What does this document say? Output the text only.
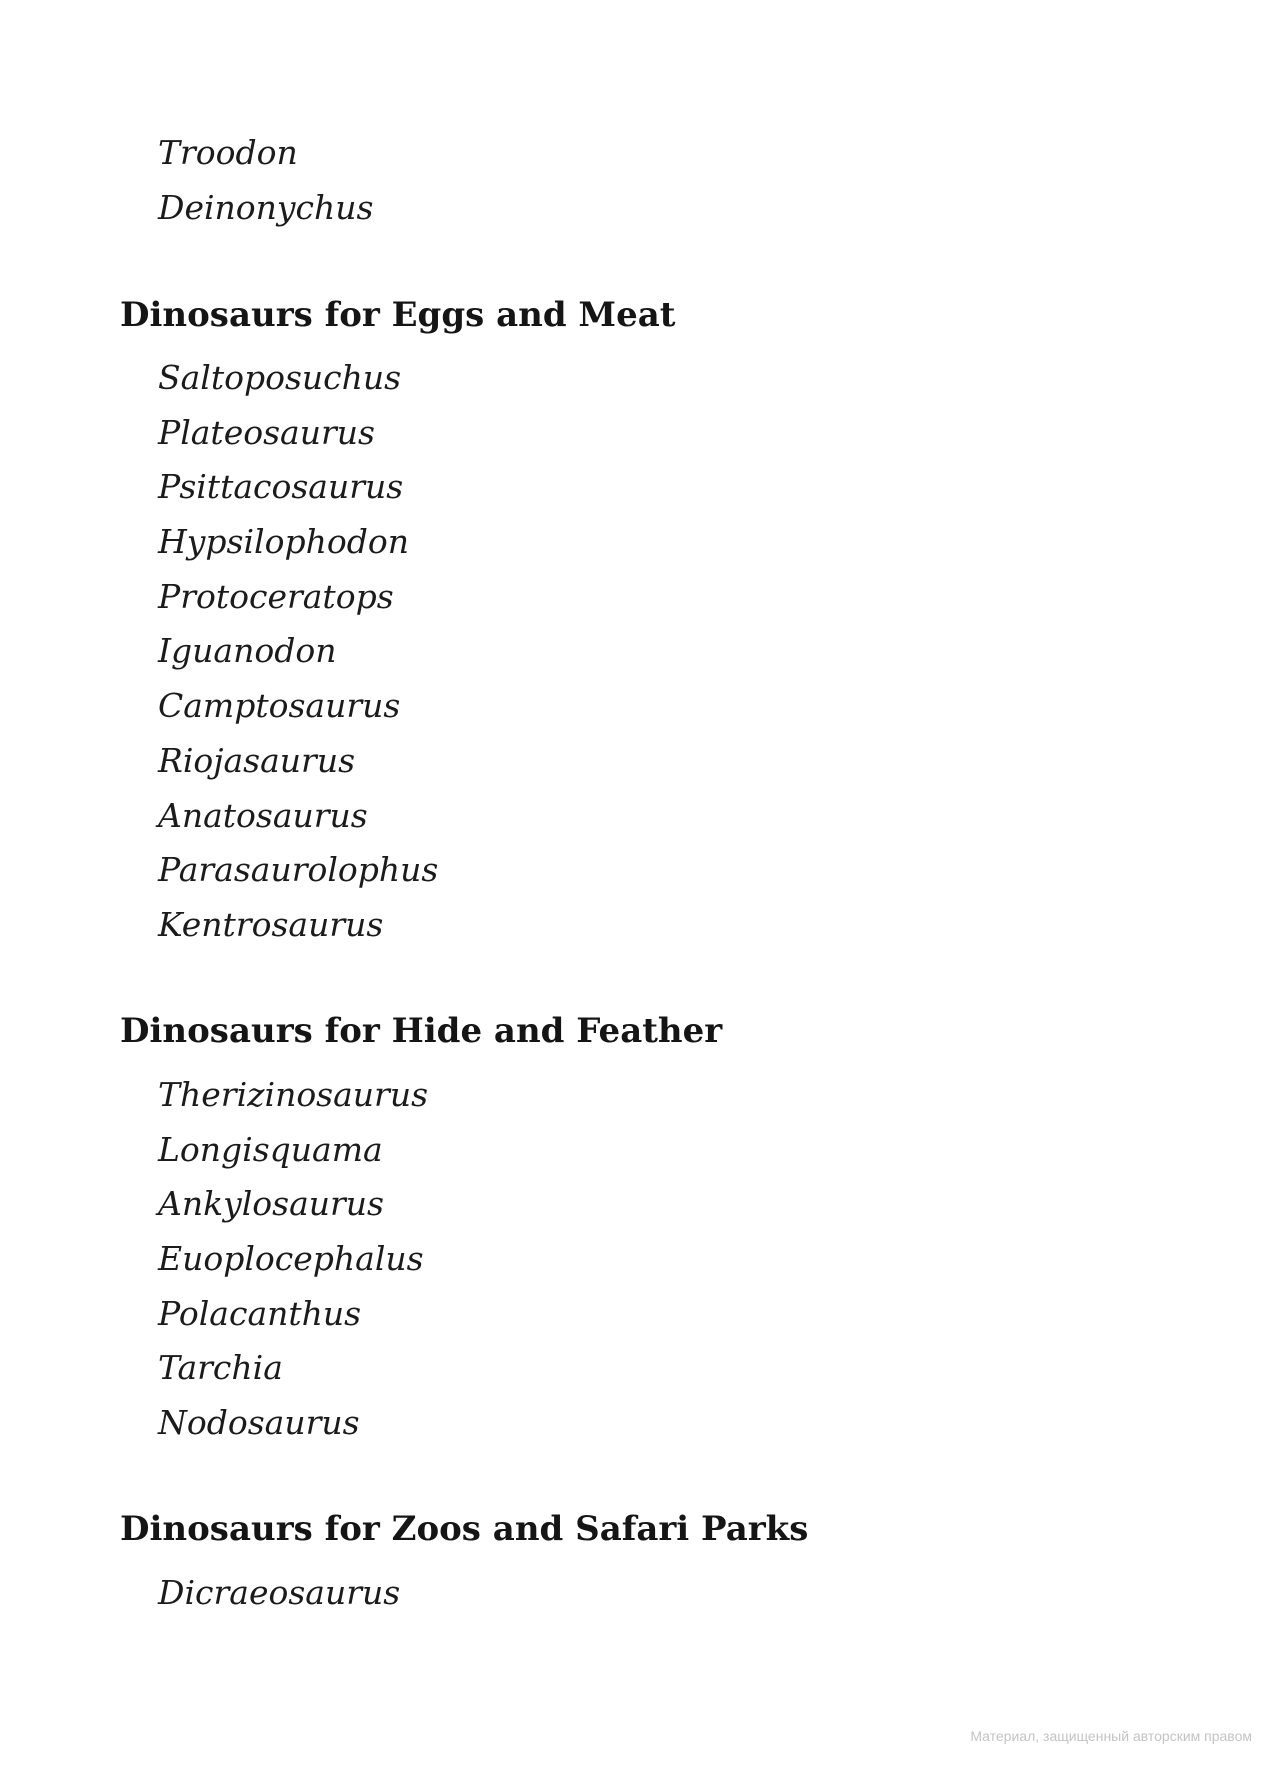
Troodon

Deinonychus

Dinosaurs for Eggs and Meat

Saltoposuchus

Plateosaurus

Psittacosaurus

Hypsilophodon

Protoceratops

Iguanodon

Camptosaurus

Riojasaurus

Anatosaurus

Parasaurolophus

Kentrosaurus

Dinosaurs for Hide and Feather

Therizinosaurus

Longisquama

Ankylosaurus

Euoplocephalus

Polacanthus

Tarchia

Nodosaurus

Dinosaurs for Zoos and Safari Parks

Dicraeosaurus

Материал, защищенный авторским правом
